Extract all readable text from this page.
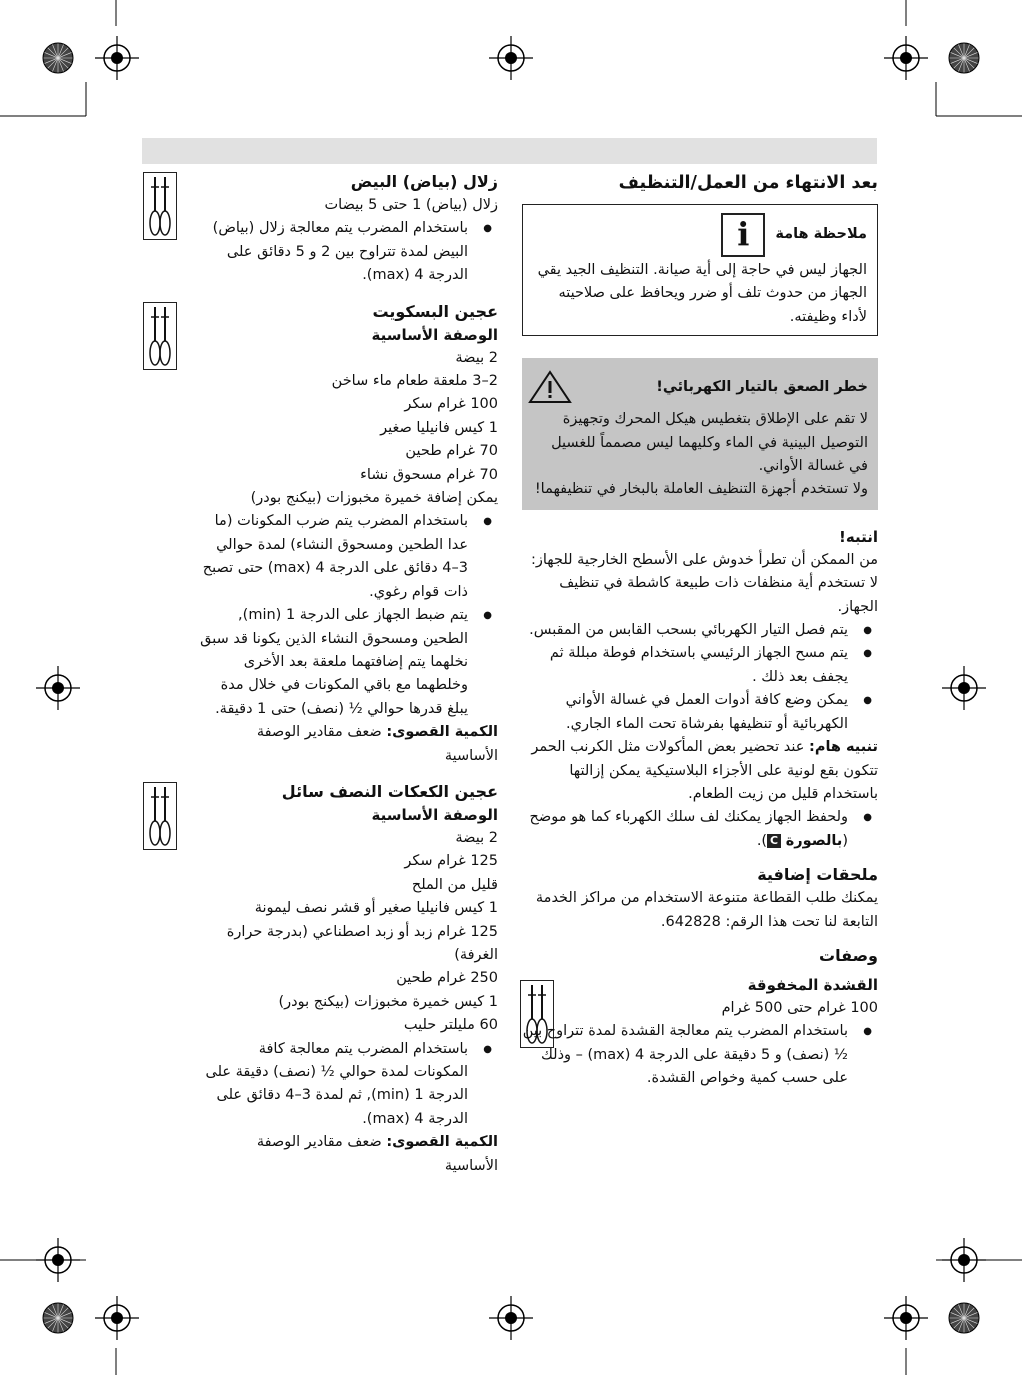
بعد الانتهاء من العمل/التنظيف
ملاحظة هامة
i

الجهاز ليس في حاجة إلى أية صيانة. التنظيف الجيد يقي الجهاز من حدوث تلف أو ضرر ويحافظ على صلاحيته لأداء وظيفته.

خطر الصعق بالتيار الكهربائي!

لا تقم على الإطلاق بتغطيس هيكل المحرك وتجهيزة التوصيل البينية في الماء وكليهما ليس مصمماً للغسيل في غسالة الأواني.

ولا تستخدم أجهزة التنظيف العاملة بالبخار في تنظيفهما!

انتبه!

من الممكن أن تطرأ خدوش على الأسطح الخارجية للجهاز: لا تستخدم أية منظفات ذات طبيعة كاشطة في تنظيف الجهاز.

● يتم فصل التيار الكهربائي بسحب القابس من المقبس.
● يتم مسح الجهاز الرئيسي باستخدام فوطة مبللة ثم يجفف بعد ذلك .
● يمكن وضع كافة أدوات العمل في غسالة الأواني الكهربائية أو تنظيفها بفرشاة تحت الماء الجاري.

تنبيه هام: عند تحضير بعض المأكولات مثل الكرنب الحمر تتكون بقع لونية على الأجزاء البلاستيكية يمكن إزالتها باستخدام قليل من زيت الطعام.

● ولحفظ الجهاز يمكنك لف سلك الكهرباء كما هو موضح (بالصورة C).
ملحقات إضافية

يمكنك طلب القطاعة متنوعة الاستخدام من مراكز الخدمة التابعة لنا تحت هذا الرقم: 642828.

وصفات
القشدة المخفوقة

100 غرام حتى 500 غرام

● باستخدام المضرب يتم معالجة القشدة لمدة تتراوح بين ½ (نصف) و 5 دقيقة على الدرجة 4 (max) – وذلك على حسب كمية وخواص القشدة.
زلال (بياض) البيض

زلال (بياض) 1 حتى 5 بيضات

● باستخدام المضرب يتم معالجة زلال (بياض) البيض لمدة تتراوح بين 2 و 5 دقائق على الدرجة 4 (max).
عجين البسكويت
الوصفة الأساسية

2 بيضة

2–3 ملعقة طعام ماء ساخن

100 غرام سكر

1 كيس فانيليا صغير

70 غرام طحين

70 غرام مسحوق نشاء

يمكن إضافة خميرة مخبوزات (بيكنج بودر)

● باستخدام المضرب يتم ضرب المكونات (ما عدا الطحين ومسحوق النشاء) لمدة حوالي 3–4 دقائق على الدرجة 4 (max) حتى تصبح ذات قوام رغوي.
● يتم ضبط الجهاز على الدرجة 1 (min), الطحين ومسحوق النشاء الذين يكونا قد سبق نخلهما يتم إضافتهما ملعقة بعد الأخرى وخلطهما مع باقي المكونات في خلال مدة يبلغ قدرها حوالي ½ (نصف) حتى 1 دقيقة.

الكمية القصوى: ضعف مقادير الوصفة الأساسية

عجين الكعكات النصف سائل
الوصفة الأساسية

2 بيضة

125 غرام سكر

قليل من الملح

1 كيس فانيليا صغير أو قشر نصف ليمونة

125 غرام زبد أو زبد اصطناعي (بدرجة حرارة الغرفة)

250 غرام طحين

1 كيس خميرة مخبوزات (بيكنج بودر)

60 مليلتر حليب

● باستخدام المضرب يتم معالجة كافة المكونات لمدة حوالي ½ (نصف) دقيقة على الدرجة 1 (min), ثم لمدة 3–4 دقائق على الدرجة 4 (max).

الكمية القصوى: ضعف مقادير الوصفة الأساسية
